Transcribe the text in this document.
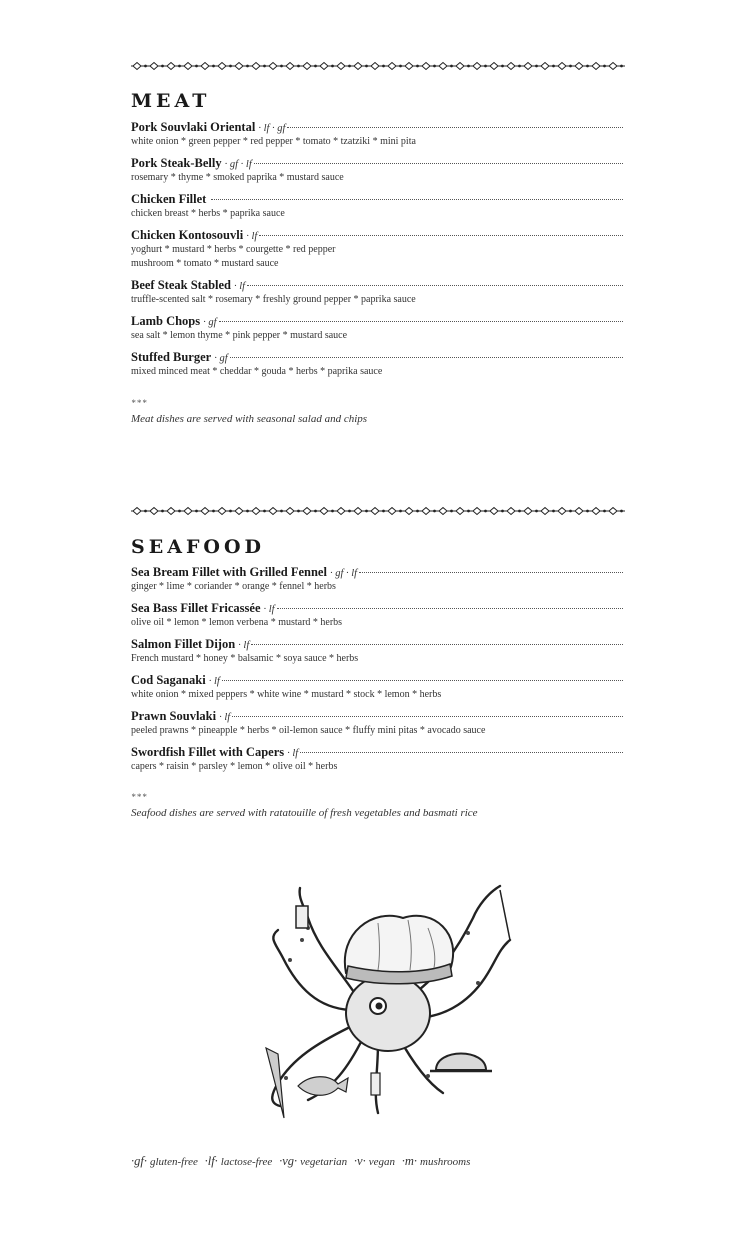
MEAT
Pork Souvlaki Oriental · lf · gf
white onion * green pepper * red pepper * tomato * tzatziki * mini pita
Pork Steak-Belly · gf · lf
rosemary * thyme * smoked paprika * mustard sauce
Chicken Fillet
chicken breast * herbs * paprika sauce
Chicken Kontosouvli · lf
yoghurt * mustard * herbs * courgette * red pepper
mushroom * tomato * mustard sauce
Beef Steak Stabled · lf
truffle-scented salt * rosemary * freshly ground pepper * paprika sauce
Lamb Chops · gf
sea salt * lemon thyme * pink pepper * mustard sauce
Stuffed Burger · gf
mixed minced meat * cheddar * gouda * herbs * paprika sauce
***
Meat dishes are served with seasonal salad and chips
SEAFOOD
Sea Bream Fillet with Grilled Fennel · gf · lf
ginger * lime * coriander * orange * fennel * herbs
Sea Bass Fillet Fricassée · lf
olive oil * lemon * lemon verbena * mustard * herbs
Salmon Fillet Dijon · lf
French mustard * honey * balsamic * soya sauce * herbs
Cod Saganaki · lf
white onion * mixed peppers * white wine * mustard * stock * lemon * herbs
Prawn Souvlaki · lf
peeled prawns * pineapple * herbs * oil-lemon sauce * fluffy mini pitas * avocado sauce
Swordfish Fillet with Capers · lf
capers * raisin * parsley * lemon * olive oil * herbs
***
Seafood dishes are served with ratatouille of fresh vegetables and basmati rice
·gf· gluten-free ·lf· lactose-free ·vg· vegetarian ·v· vegan ·m· mushrooms
